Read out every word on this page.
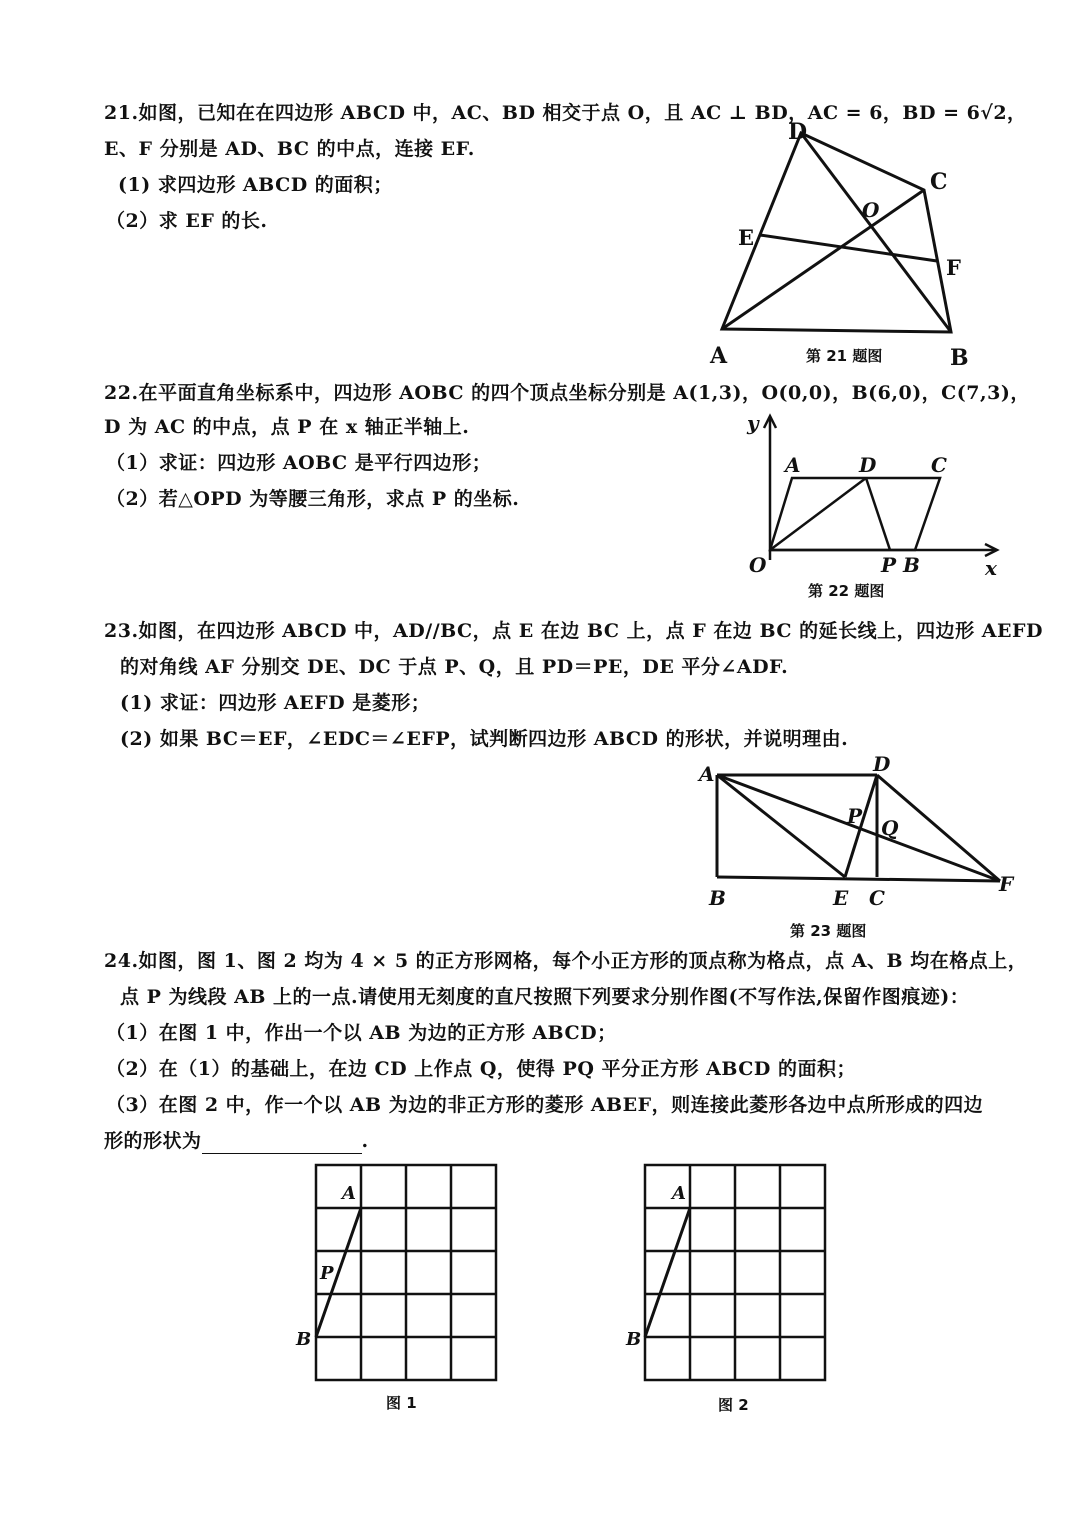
21.如图，已知在在四边形 ABCD 中，AC、BD 相交于点 O，且 AC ⊥ BD，AC = 6，BD = 6√2，
E、F 分别是 AD、BC 的中点，连接 EF.
(1) 求四边形 ABCD 的面积；
（2）求 EF 的长.
D
C
O
E
F
A	B
第 21 题图
22.在平面直角坐标系中，四边形 AOBC 的四个顶点坐标分别是 A(1,3)，O(0,0)，B(6,0)，C(7,3)，
D 为 AC 的中点，点 P 在 x 轴正半轴上.
（1）求证：四边形 AOBC 是平行四边形；
（2）若△OPD 为等腰三角形，求点 P 的坐标.
y
A	D	C
O	P B	x
第 22 题图
23.如图，在四边形 ABCD 中，AD//BC，点 E 在边 BC 上，点 F 在边 BC 的延长线上，四边形 AEFD
的对角线 AF 分别交 DE、DC 于点 P、Q，且 PD＝PE，DE 平分∠ADF.
(1) 求证：四边形 AEFD 是菱形；
(2) 如果 BC＝EF，∠EDC＝∠EFP，试判断四边形 ABCD 的形状，并说明理由.
A	D
P Q
B	E C
F
第 23 题图
24.如图，图 1、图 2 均为 4 × 5 的正方形网格，每个小正方形的顶点称为格点，点 A、B 均在格点上，
点 P 为线段 AB 上的一点.请使用无刻度的直尺按照下列要求分别作图(不写作法,保留作图痕迹)：
（1）在图 1 中，作出一个以 AB 为边的正方形 ABCD；
（2）在（1）的基础上，在边 CD 上作点 Q，使得 PQ 平分正方形 ABCD 的面积；
（3）在图 2 中，作一个以 AB 为边的非正方形的菱形 ABEF，则连接此菱形各边中点所形成的四边
形的形状为	.
A
P
B
图 1
A
B
图 2
